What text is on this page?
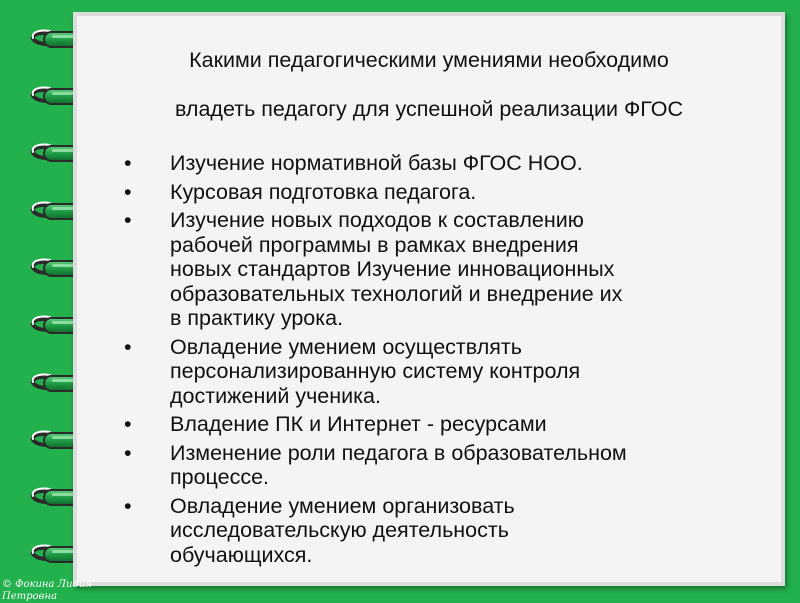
Какими педагогическими умениями необходимо
владеть педагогу для успешной реализации ФГОС
• Изучение нормативной базы ФГОС НОО.
• Курсовая подготовка педагога.
• Изучение новых подходов к составлению
рабочей программы в рамках внедрения
новых стандартов Изучение инновационных
образовательных технологий и внедрение их
в практику урока.
• Овладение умением осуществлять
персонализированную систему контроля
достижений ученика.
• Владение ПК и Интернет - ресурсами
• Изменение роли педагога в образовательном
процессе.
• Овладение умением организовать
исследовательскую деятельность
обучающихся.
© Фокина Лидия
Петровна
